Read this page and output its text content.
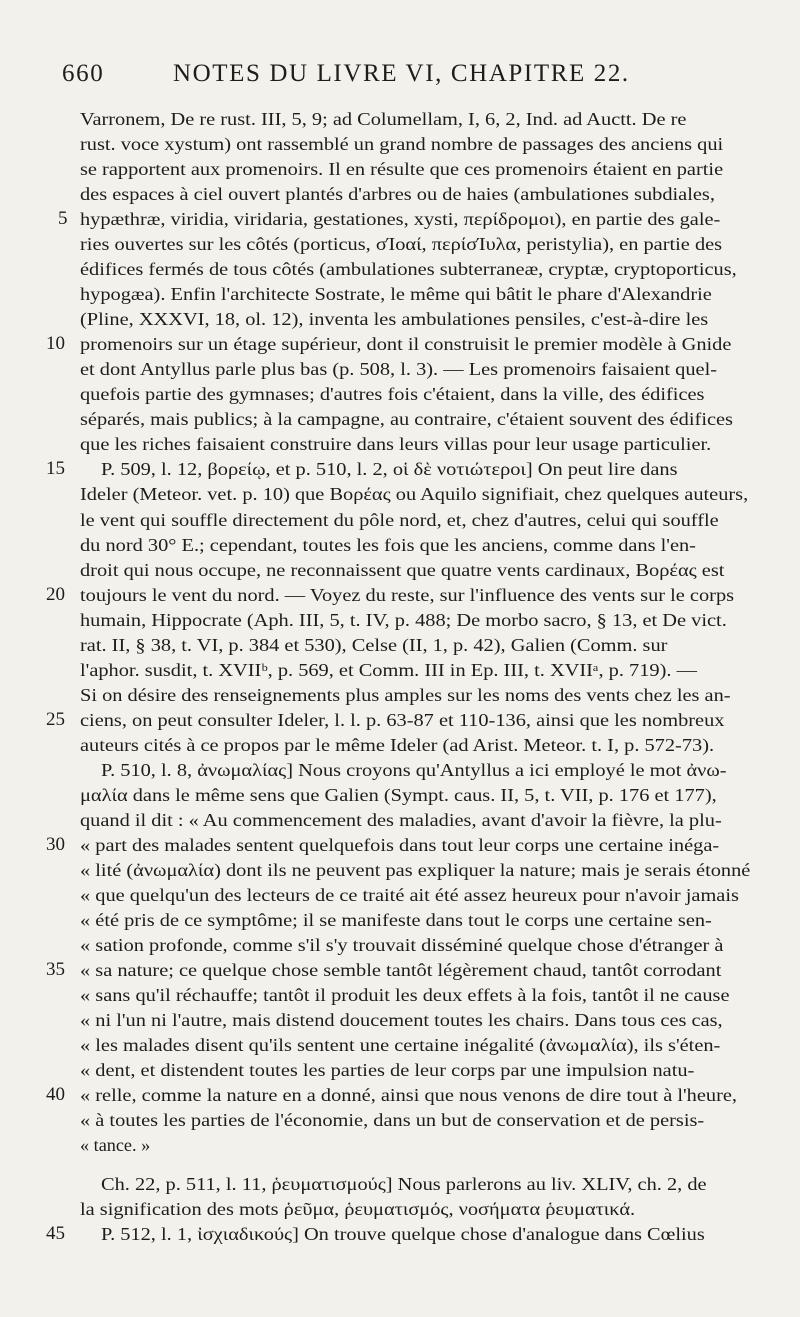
660	NOTES DU LIVRE VI, CHAPITRE 22.
Varronem, De re rust. III, 5, 9; ad Columellam, I, 6, 2, Ind. ad Auctt. De re
rust. voce xystum) ont rassemblé un grand nombre de passages des anciens qui
se rapportent aux promenoirs. Il en résulte que ces promenoirs étaient en partie
des espaces à ciel ouvert plantés d'arbres ou de haies (ambulationes subdiales,
hypæthræ, viridia, viridaria, gestationes, xysti, περίδρομοι), en partie des gale-
ries ouvertes sur les côtés (porticus, σΊοαί, περίσΊυλα, peristylia), en partie des
édifices fermés de tous côtés (ambulationes subterraneæ, cryptæ, cryptoporticus,
hypogæa). Enfin l'architecte Sostrate, le même qui bâtit le phare d'Alexandrie
(Pline, XXXVI, 18, ol. 12), inventa les ambulationes pensiles, c'est-à-dire les
promenoirs sur un étage supérieur, dont il construisit le premier modèle à Gnide
et dont Antyllus parle plus bas (p. 508, l. 3). — Les promenoirs faisaient quel-
quefois partie des gymnases; d'autres fois c'étaient, dans la ville, des édifices
séparés, mais publics; à la campagne, au contraire, c'étaient souvent des édifices
que les riches faisaient construire dans leurs villas pour leur usage particulier.
P. 509, l. 12, βορείῳ, et p. 510, l. 2, οἱ δὲ νοτιώτεροι] On peut lire dans
Ideler (Meteor. vet. p. 10) que Βορέας ou Aquilo signifiait, chez quelques auteurs,
le vent qui souffle directement du pôle nord, et, chez d'autres, celui qui souffle
du nord 30° E.; cependant, toutes les fois que les anciens, comme dans l'en-
droit qui nous occupe, ne reconnaissent que quatre vents cardinaux, Βορέας est
toujours le vent du nord. — Voyez du reste, sur l'influence des vents sur le corps
humain, Hippocrate (Aph. III, 5, t. IV, p. 488; De morbo sacro, § 13, et De vict.
rat. II, § 38, t. VI, p. 384 et 530), Celse (II, 1, p. 42), Galien (Comm. sur
l'aphor. susdit, t. XVIIᵇ, p. 569, et Comm. III in Ep. III, t. XVIIᵃ, p. 719). —
Si on désire des renseignements plus amples sur les noms des vents chez les an-
ciens, on peut consulter Ideler, l. l. p. 63-87 et 110-136, ainsi que les nombreux
auteurs cités à ce propos par le même Ideler (ad Arist. Meteor. t. I, p. 572-73).
P. 510, l. 8, ἀνωμαλίας] Nous croyons qu'Antyllus a ici employé le mot ἀνω-
μαλία dans le même sens que Galien (Sympt. caus. II, 5, t. VII, p. 176 et 177),
quand il dit : « Au commencement des maladies, avant d'avoir la fièvre, la plu-
« part des malades sentent quelquefois dans tout leur corps une certaine inéga-
« lité (ἀνωμαλία) dont ils ne peuvent pas expliquer la nature; mais je serais étonné
« que quelqu'un des lecteurs de ce traité ait été assez heureux pour n'avoir jamais
« été pris de ce symptôme; il se manifeste dans tout le corps une certaine sen-
« sation profonde, comme s'il s'y trouvait disséminé quelque chose d'étranger à
« sa nature; ce quelque chose semble tantôt légèrement chaud, tantôt corrodant
« sans qu'il réchauffe; tantôt il produit les deux effets à la fois, tantôt il ne cause
« ni l'un ni l'autre, mais distend doucement toutes les chairs. Dans tous ces cas,
« les malades disent qu'ils sentent une certaine inégalité (ἀνωμαλία), ils s'éten-
« dent, et distendent toutes les parties de leur corps par une impulsion natu-
« relle, comme la nature en a donné, ainsi que nous venons de dire tout à l'heure,
« à toutes les parties de l'économie, dans un but de conservation et de persis-
« tance. »
Ch. 22, p. 511, l. 11, ῥευματισμούς] Nous parlerons au liv. XLIV, ch. 2, de
la signification des mots ῥεῦμα, ῥευματισμός, νοσήματα ῥευματικά.
P. 512, l. 1, ἰσχιαδικούς] On trouve quelque chose d'analogue dans Cœlius
5
10
15
20
25
30
35
40
45
